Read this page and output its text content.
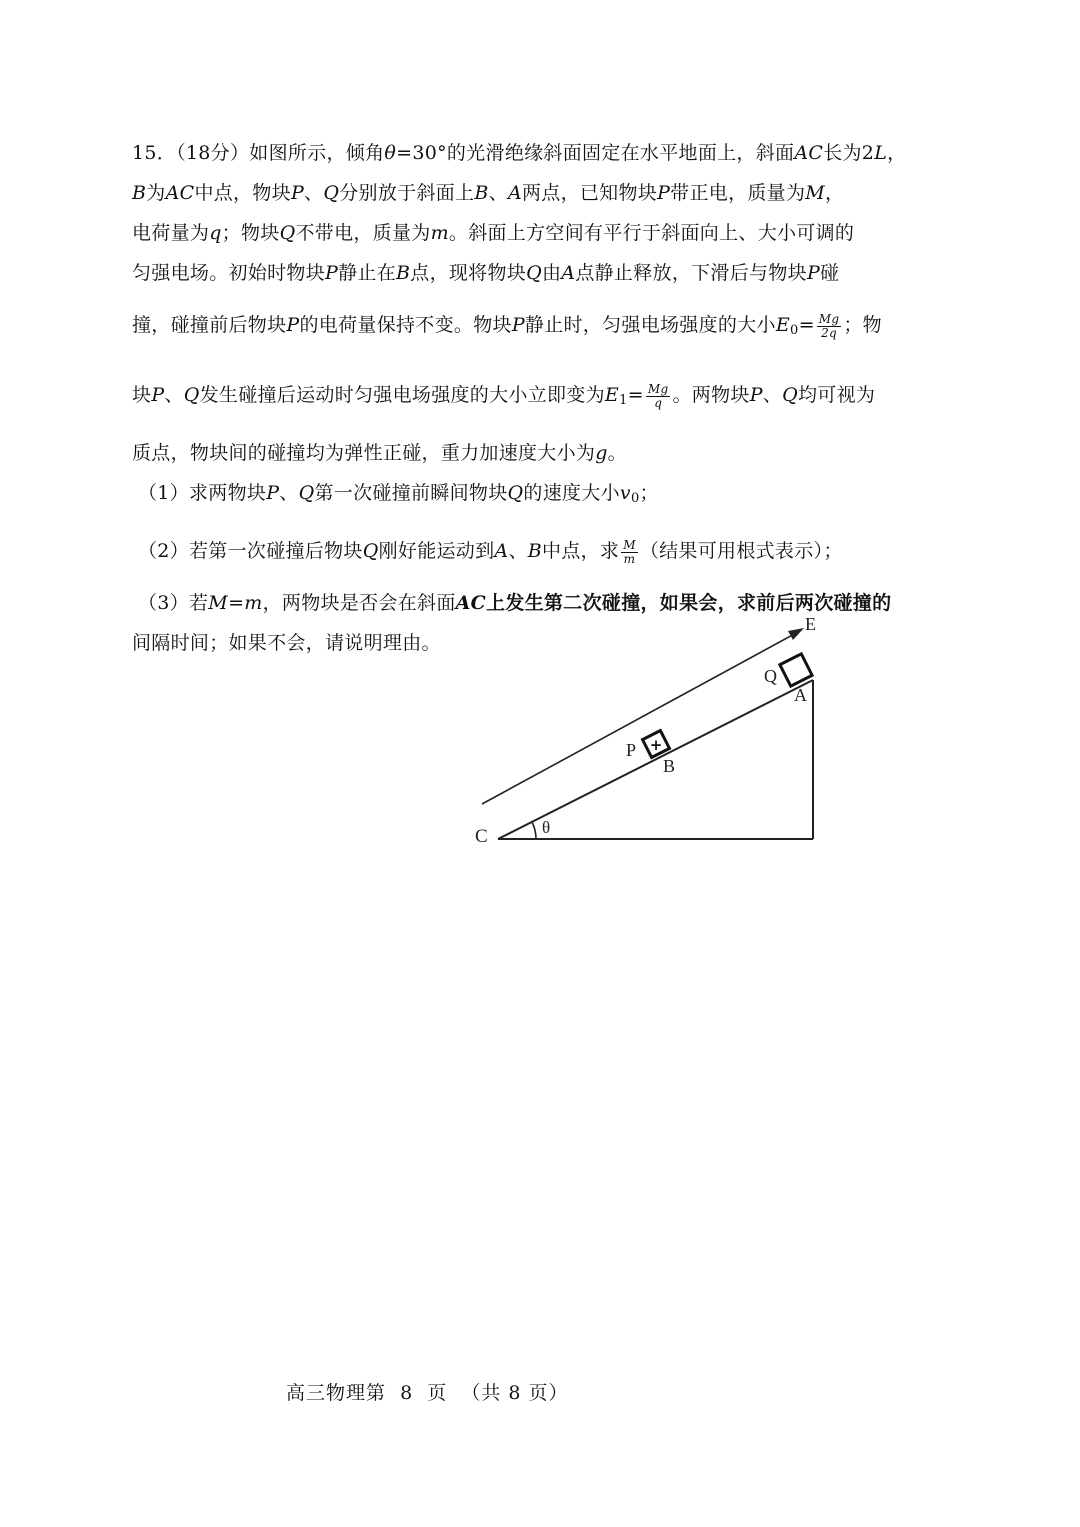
15．（18分）如图所示，倾角θ=30°的光滑绝缘斜面固定在水平地面上，斜面AC长为2L，
B为AC中点，物块P、Q分别放于斜面上B、A两点，已知物块P带正电，质量为M，
电荷量为q；物块Q不带电，质量为m。斜面上方空间有平行于斜面向上、大小可调的
匀强电场。初始时物块P静止在B点，现将物块Q由A点静止释放，下滑后与物块P碰
撞，碰撞前后物块P的电荷量保持不变。物块P静止时，匀强电场强度的大小$E0= \frac{Mg}{2q}$ ；物
块P、Q发生碰撞后运动时匀强电场强度的大小立即变为$E1= \frac{Mg}{q}$ 。两物块P、Q均可视为
质点，物块间的碰撞均为弹性正碰，重力加速度大小为g。
（1）求两物块P、Q第一次碰撞前瞬间物块Q的速度大小v0；
（2）若第一次碰撞后物块Q刚好能运动到A、B中点，求 $\frac{M}{m}$ （结果可用根式表示）；
（3）若M=m，两物块是否会在斜面AC上发生第二次碰撞，如果会，求前后两次碰撞的
间隔时间；如果不会，请说明理由。
+
E
Q
A
P
B
C	θ
高三物理第  8  页  （共 8 页）
